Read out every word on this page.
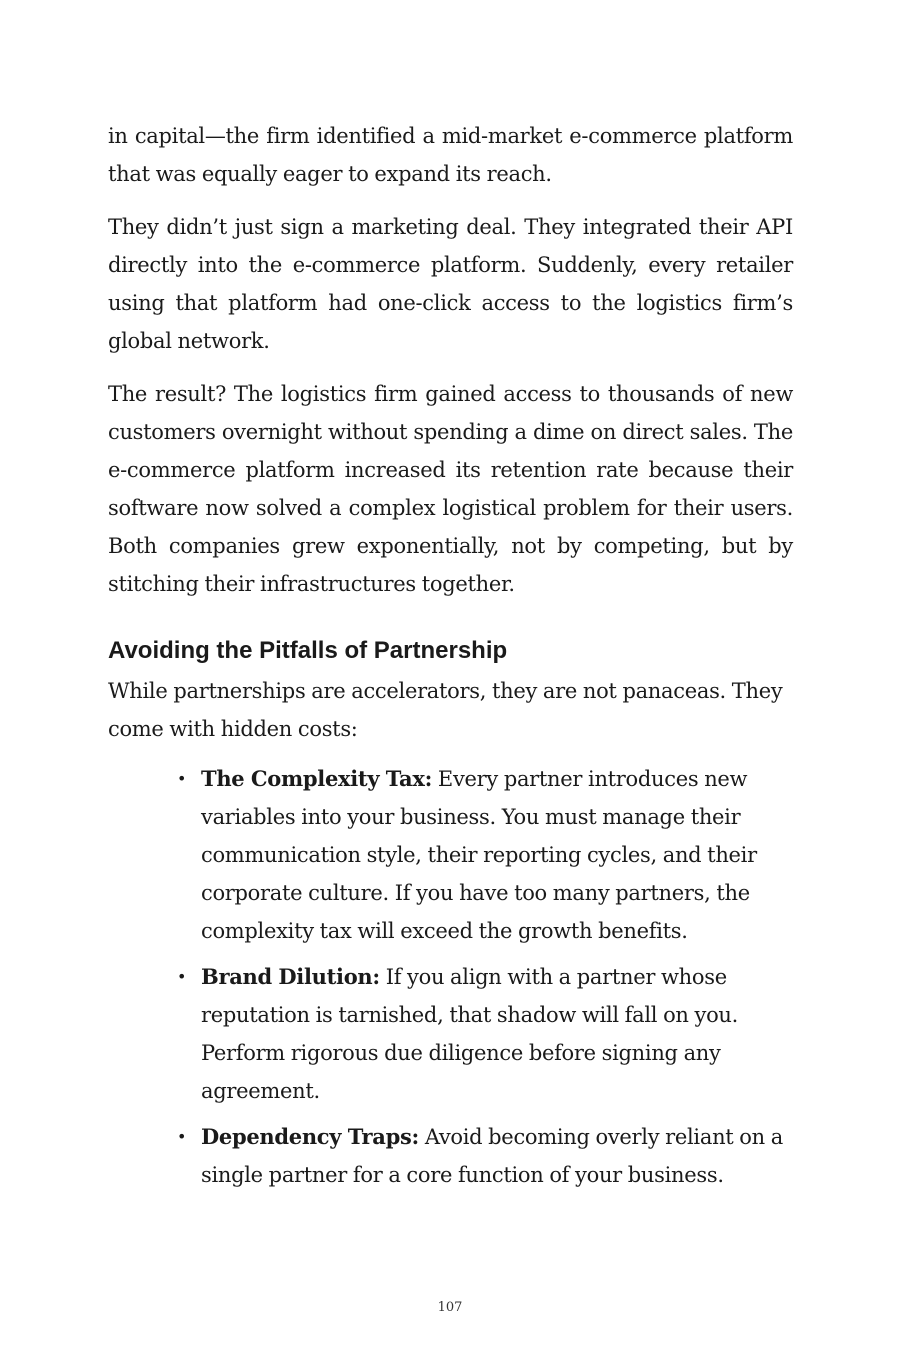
in capital—the firm identified a mid-market e-commerce platform that was equally eager to expand its reach.

They didn’t just sign a marketing deal. They integrated their API directly into the e-commerce platform. Suddenly, every retailer using that platform had one-click access to the logistics firm’s global network.

The result? The logistics firm gained access to thousands of new customers overnight without spending a dime on direct sales. The e-commerce platform increased its retention rate because their software now solved a complex logistical problem for their users. Both companies grew exponentially, not by competing, but by stitching their infrastructures together.

Avoiding the Pitfalls of Partnership

While partnerships are accelerators, they are not panaceas. They come with hidden costs:

• The Complexity Tax: Every partner introduces new variables into your business. You must manage their communication style, their reporting cycles, and their corporate culture. If you have too many partners, the complexity tax will exceed the growth benefits.
• Brand Dilution: If you align with a partner whose reputation is tarnished, that shadow will fall on you. Perform rigorous due diligence before signing any agreement.
• Dependency Traps: Avoid becoming overly reliant on a single partner for a core function of your business.
107
